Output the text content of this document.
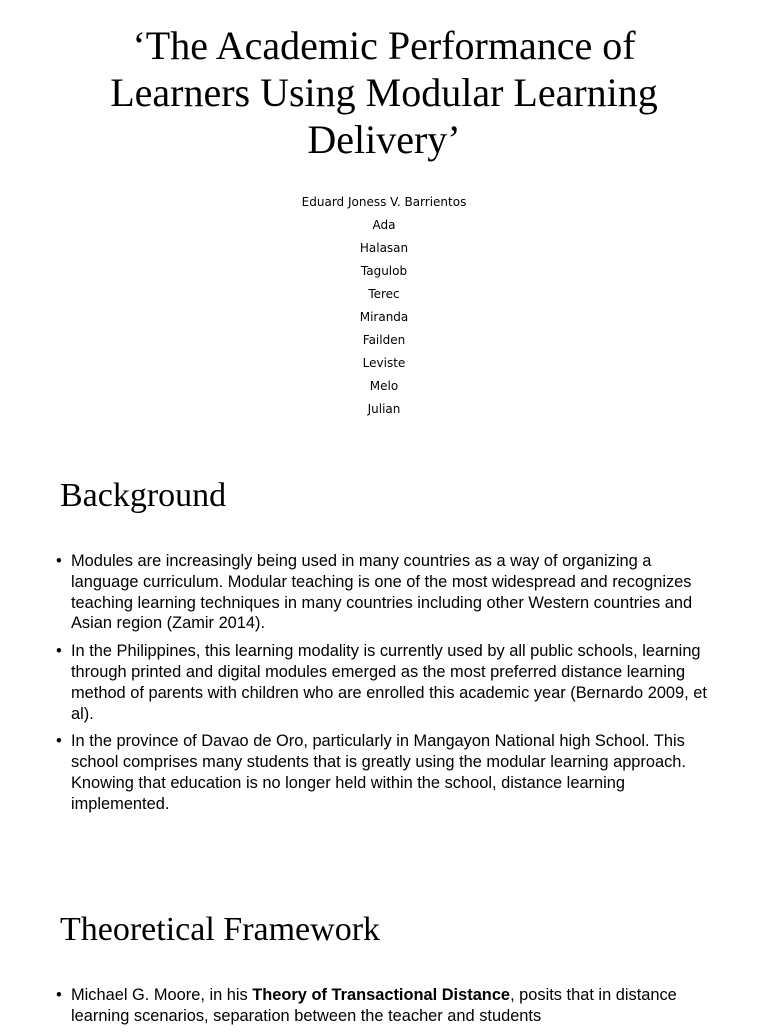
‘The Academic Performance of Learners Using Modular Learning Delivery’
Eduard Joness V. Barrientos
Ada
Halasan
Tagulob
Terec
Miranda
Failden
Leviste
Melo
Julian
Background
• Modules are increasingly being used in many countries as a way of organizing a language curriculum. Modular teaching is one of the most widespread and recognizes teaching learning techniques in many countries including other Western countries and Asian region (Zamir 2014).
• In the Philippines, this learning modality is currently used by all public schools, learning through printed and digital modules emerged as the most preferred distance learning method of parents with children who are enrolled this academic year (Bernardo 2009, et al).
• In the province of Davao de Oro, particularly in Mangayon National high School. This school comprises many students that is greatly using the modular learning approach. Knowing that education is no longer held within the school, distance learning implemented.
Theoretical Framework
• Michael G. Moore, in his Theory of Transactional Distance, posits that in distance learning scenarios, separation between the teacher and students
